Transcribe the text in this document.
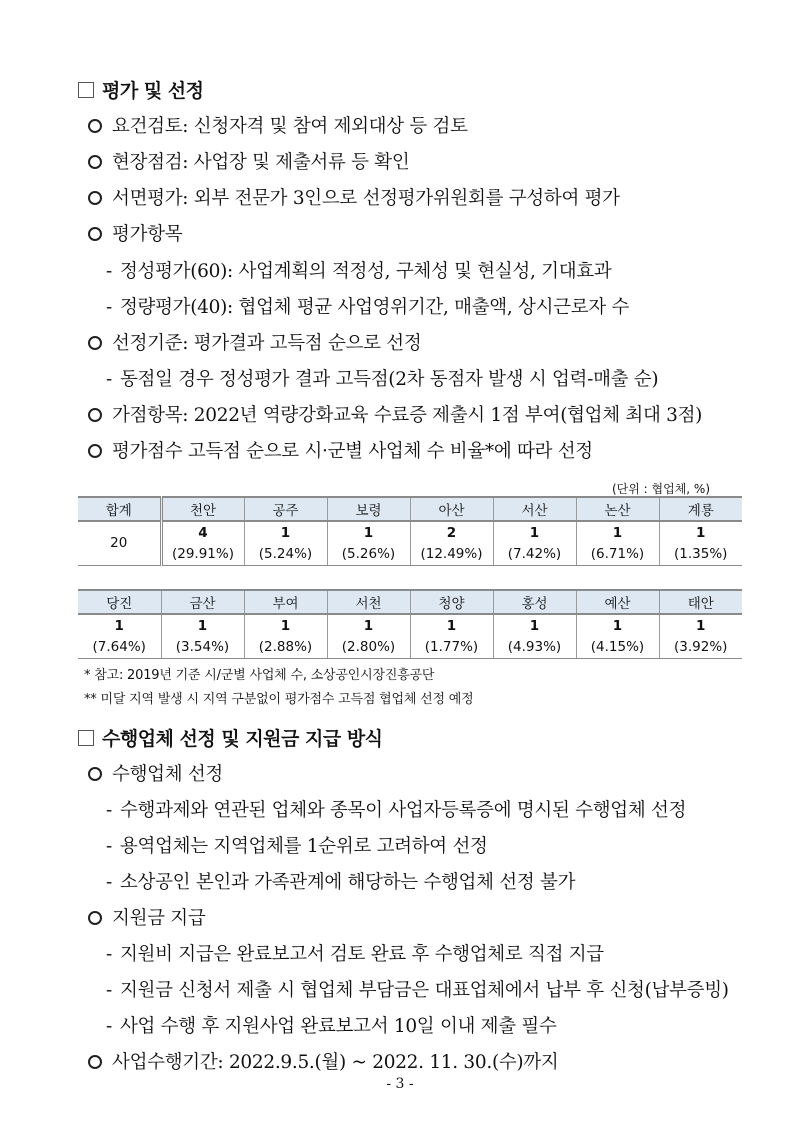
평가 및 선정
요건검토: 신청자격 및 참여 제외대상 등 검토
현장점검: 사업장 및 제출서류 등 확인
서면평가: 외부 전문가 3인으로 선정평가위원회를 구성하여 평가
평가항목
- 정성평가(60): 사업계획의 적정성, 구체성 및 현실성, 기대효과
- 정량평가(40): 협업체 평균 사업영위기간, 매출액, 상시근로자 수
선정기준: 평가결과 고득점 순으로 선정
- 동점일 경우 정성평가 결과 고득점(2차 동점자 발생 시 업력-매출 순)
가점항목: 2022년 역량강화교육 수료증 제출시 1점 부여(협업체 최대 3점)
평가점수 고득점 순으로 시·군별 사업체 수 비율*에 따라 선정
(단위 : 협업체, %)
합계	천안	공주	보령	아산	서산	논산	계룡
20	4	1	1	2	1	1	1
	(29.91%)	(5.24%)	(5.26%)	(12.49%)	(7.42%)	(6.71%)	(1.35%)
당진	금산	부여	서천	청양	홍성	예산	태안
1	1	1	1	1	1	1	1
(7.64%)	(3.54%)	(2.88%)	(2.80%)	(1.77%)	(4.93%)	(4.15%)	(3.92%)
* 참고: 2019년 기준 시/군별 사업체 수, 소상공인시장진흥공단
** 미달 지역 발생 시 지역 구분없이 평가점수 고득점 협업체 선정 예정
수행업체 선정 및 지원금 지급 방식
수행업체 선정
- 수행과제와 연관된 업체와 종목이 사업자등록증에 명시된 수행업체 선정
- 용역업체는 지역업체를 1순위로 고려하여 선정
- 소상공인 본인과 가족관계에 해당하는 수행업체 선정 불가
지원금 지급
- 지원비 지급은 완료보고서 검토 완료 후 수행업체로 직접 지급
- 지원금 신청서 제출 시 협업체 부담금은 대표업체에서 납부 후 신청(납부증빙)
- 사업 수행 후 지원사업 완료보고서 10일 이내 제출 필수
사업수행기간: 2022.9.5.(월) ~ 2022. 11. 30.(수)까지
- 3 -
